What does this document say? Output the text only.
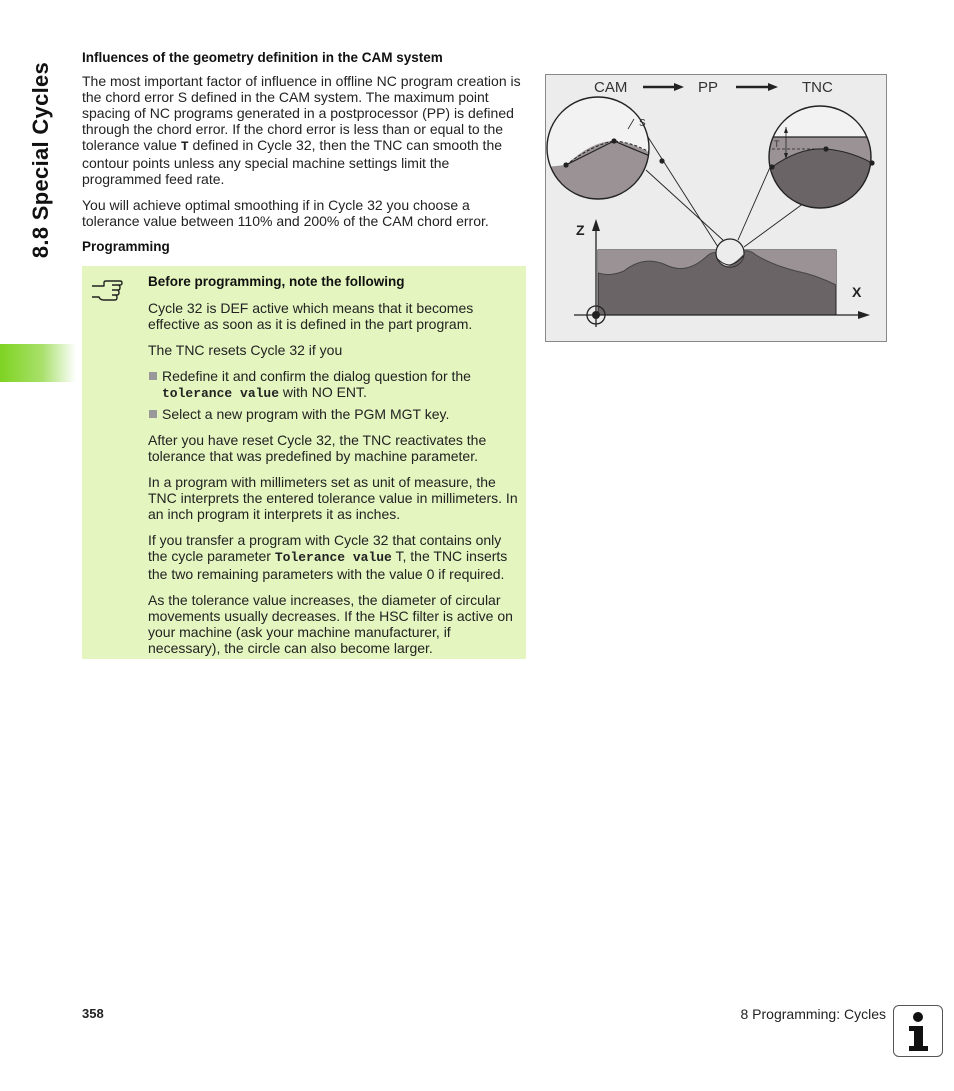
8.8 Special Cycles
Influences of the geometry definition in the CAM system

The most important factor of influence in offline NC program creation is the chord error S defined in the CAM system. The maximum point spacing of NC programs generated in a postprocessor (PP) is defined through the chord error. If the chord error is less than or equal to the tolerance value T defined in Cycle 32, then the TNC can smooth the contour points unless any special machine settings limit the programmed feed rate.

You will achieve optimal smoothing if in Cycle 32 you choose a tolerance value between 110% and 200% of the CAM chord error.

Programming
Before programming, note the following

Cycle 32 is DEF active which means that it becomes effective as soon as it is defined in the part program.

The TNC resets Cycle 32 if you

Redefine it and confirm the dialog question for the tolerance value with NO ENT.
Select a new program with the PGM MGT key.

After you have reset Cycle 32, the TNC reactivates the tolerance that was predefined by machine parameter.

In a program with millimeters set as unit of measure, the TNC interprets the entered tolerance value in millimeters. In an inch program it interprets it as inches.

If you transfer a program with Cycle 32 that contains only the cycle parameter Tolerance value T, the TNC inserts the two remaining parameters with the value 0 if required.

As the tolerance value increases, the diameter of circular movements usually decreases. If the HSC filter is active on your machine (ask your machine manufacturer, if necessary), the circle can also become larger.

CAM	PP	TNC
S
T
Z
X
358	8 Programming: Cycles
